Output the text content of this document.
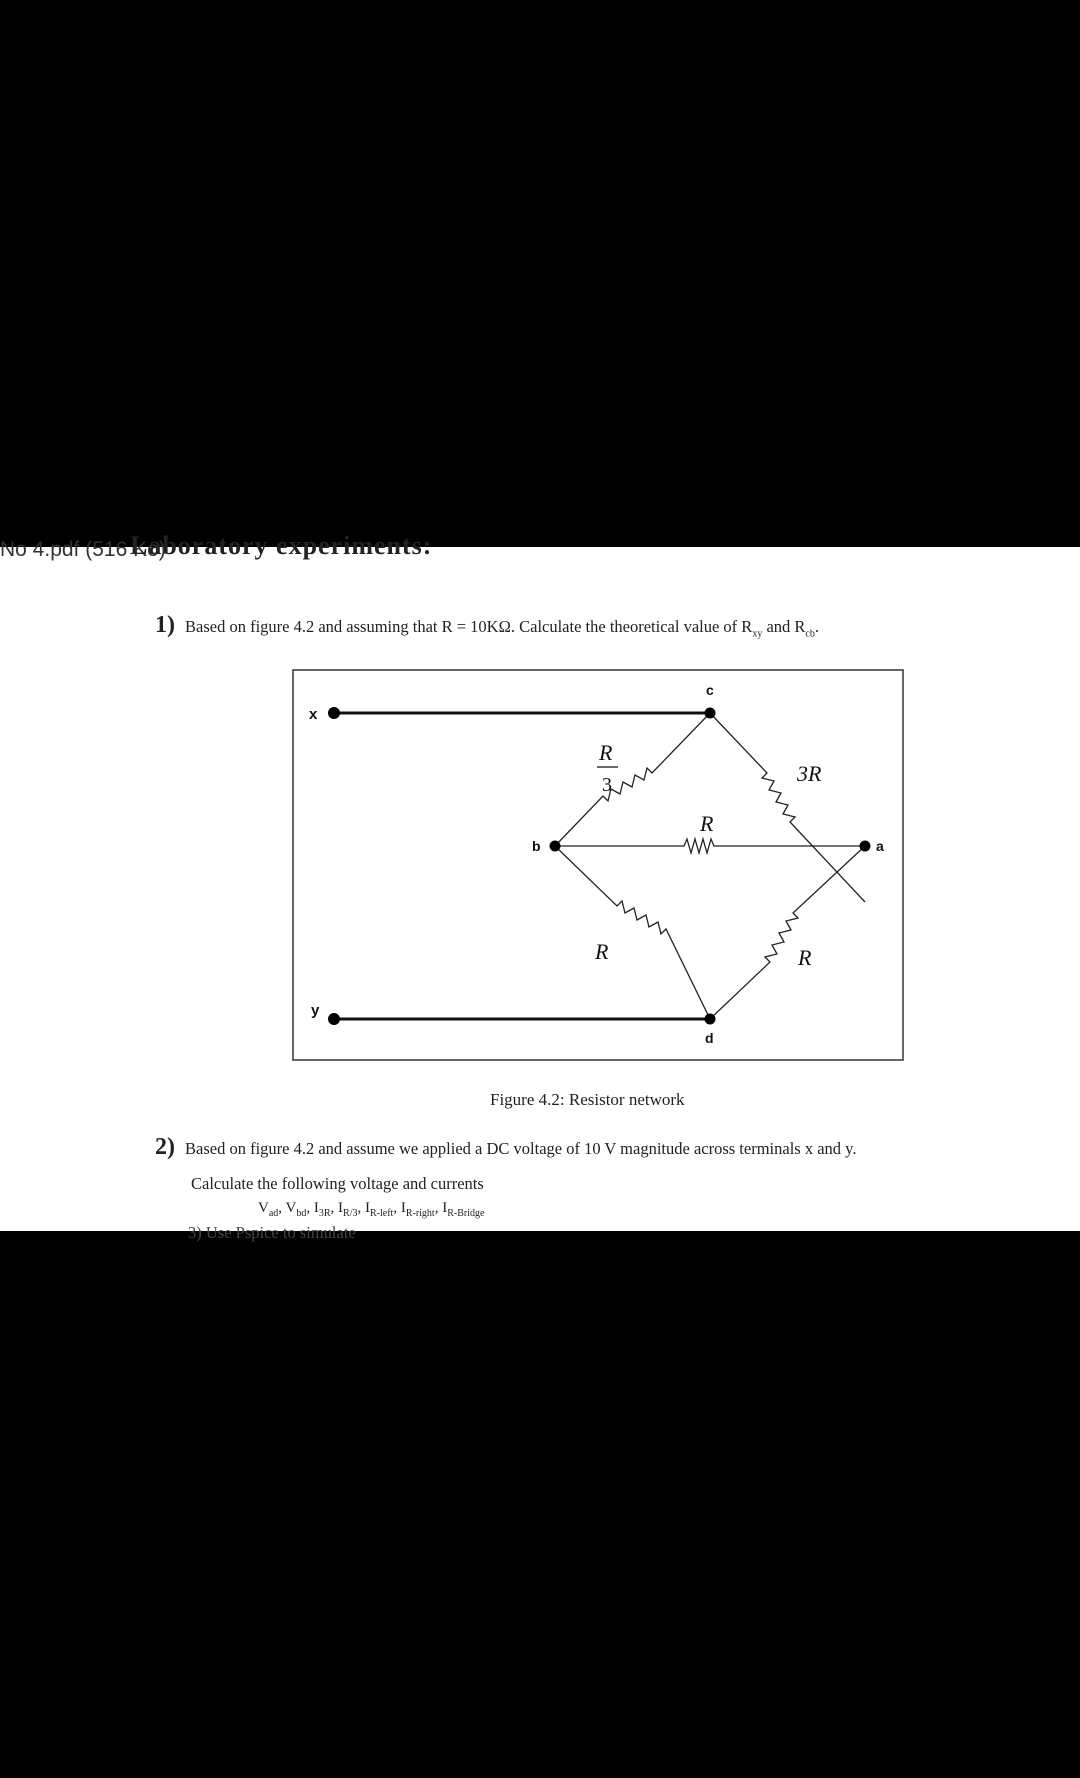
No 4.pdf (516 Ko)
Laboratory experiments:
1) Based on figure 4.2 and assuming that R = 10KΩ. Calculate the theoretical value of $R_{xy}$ and $R_{cb}$.
x
y
c
d
b	a
R
3	3R
R
R	R
Figure 4.2: Resistor network
2) Based on figure 4.2 and assume we applied a DC voltage of 10 V magnitude across terminals x and y.
Calculate the following voltage and currents
$V_{ad}$, $V_{bd}$, $I_{3R}$, $I_{R/3}$, $I_{R-left}$, $I_{R-right}$, $I_{R-Bridge}$
3) Use Pspice to simulate
